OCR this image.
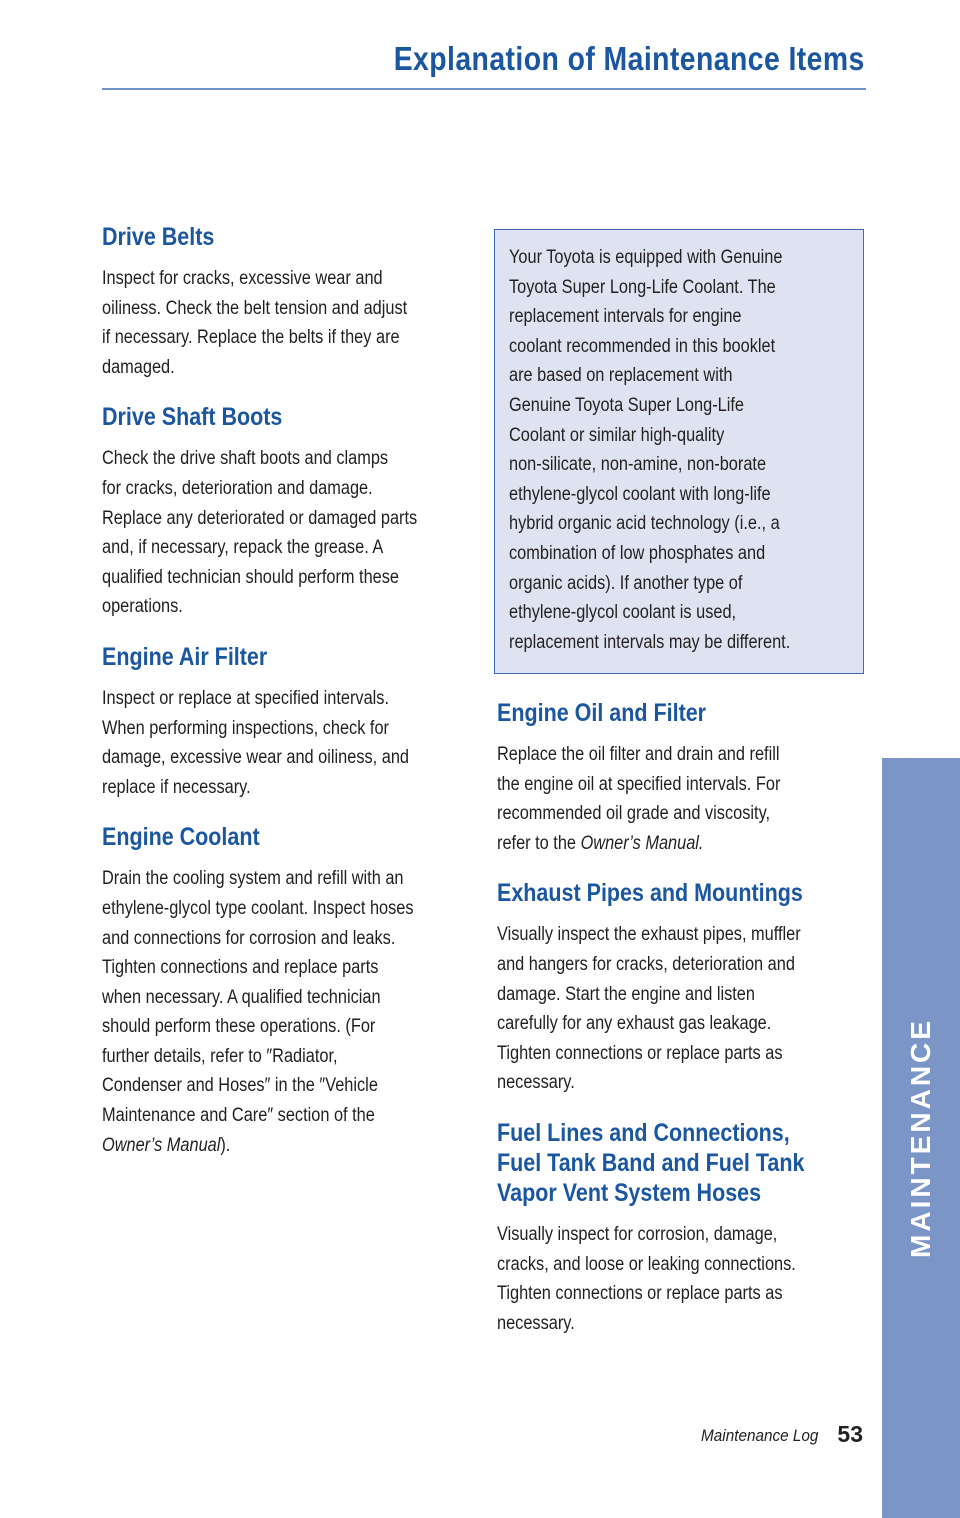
Explanation of Maintenance Items
Drive Belts

Inspect for cracks, excessive wear and
oiliness. Check the belt tension and adjust
if necessary. Replace the belts if they are
damaged.

Drive Shaft Boots

Check the drive shaft boots and clamps
for cracks, deterioration and damage.
Replace any deteriorated or damaged parts
and, if necessary, repack the grease. A
qualified technician should perform these
operations.

Engine Air Filter

Inspect or replace at specified intervals.
When performing inspections, check for
damage, excessive wear and oiliness, and
replace if necessary.

Engine Coolant

Drain the cooling system and refill with an
ethylene-glycol type coolant. Inspect hoses
and connections for corrosion and leaks.
Tighten connections and replace parts
when necessary. A qualified technician
should perform these operations. (For
further details, refer to ″Radiator,
Condenser and Hoses″ in the ″Vehicle
Maintenance and Care″ section of the
Owner’s Manual).

Your Toyota is equipped with Genuine
Toyota Super Long-Life Coolant. The
replacement intervals for engine
coolant recommended in this booklet
are based on replacement with
Genuine Toyota Super Long-Life
Coolant or similar high-quality
non-silicate, non-amine, non-borate
ethylene-glycol coolant with long-life
hybrid organic acid technology (i.e., a
combination of low phosphates and
organic acids). If another type of
ethylene-glycol coolant is used,
replacement intervals may be different.

Engine Oil and Filter

Replace the oil filter and drain and refill
the engine oil at specified intervals. For
recommended oil grade and viscosity,
refer to the Owner’s Manual.

Exhaust Pipes and Mountings

Visually inspect the exhaust pipes, muffler
and hangers for cracks, deterioration and
damage. Start the engine and listen
carefully for any exhaust gas leakage.
Tighten connections or replace parts as
necessary.

Fuel Lines and Connections,
Fuel Tank Band and Fuel Tank
Vapor Vent System Hoses

Visually inspect for corrosion, damage,
cracks, and loose or leaking connections.
Tighten connections or replace parts as
necessary.

MAINTENANCE
Maintenance Log 53
